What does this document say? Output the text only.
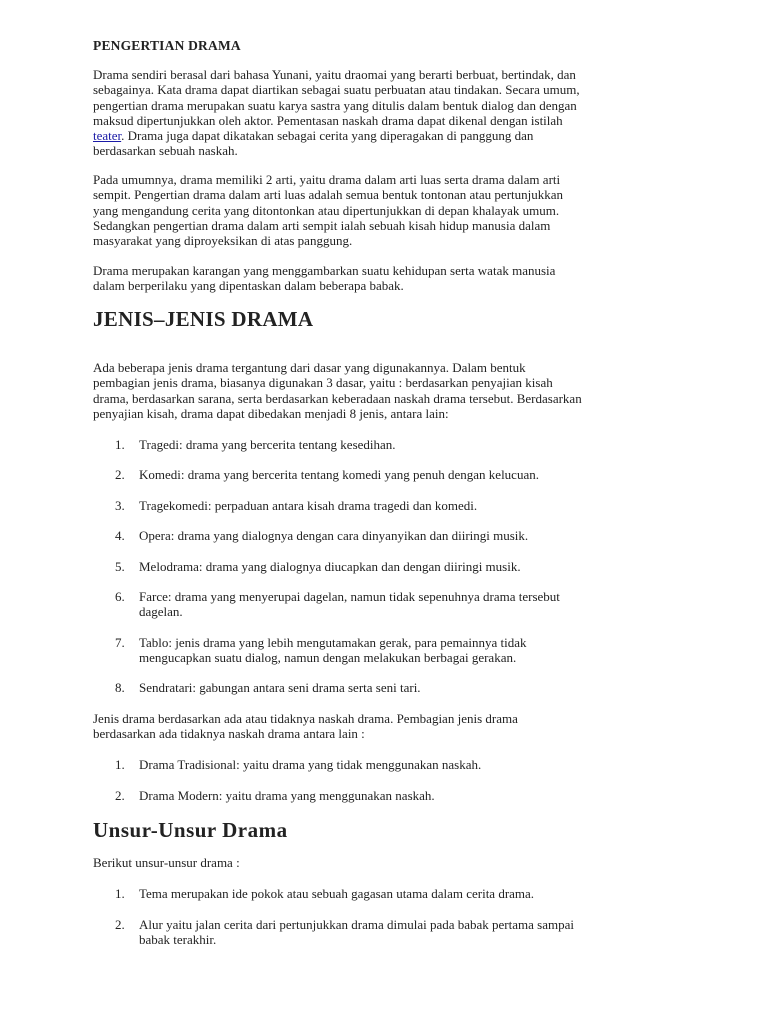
PENGERTIAN DRAMA

Drama sendiri berasal dari bahasa Yunani, yaitu draomai yang berarti berbuat, bertindak, dan
sebagainya. Kata drama dapat diartikan sebagai suatu perbuatan atau tindakan. Secara umum,
pengertian drama merupakan suatu karya sastra yang ditulis dalam bentuk dialog dan dengan
maksud dipertunjukkan oleh aktor. Pementasan naskah drama dapat dikenal dengan istilah
teater. Drama juga dapat dikatakan sebagai cerita yang diperagakan di panggung dan
berdasarkan sebuah naskah.

Pada umumnya, drama memiliki 2 arti, yaitu drama dalam arti luas serta drama dalam arti
sempit. Pengertian drama dalam arti luas adalah semua bentuk tontonan atau pertunjukkan
yang mengandung cerita yang ditontonkan atau dipertunjukkan di depan khalayak umum.
Sedangkan pengertian drama dalam arti sempit ialah sebuah kisah hidup manusia dalam
masyarakat yang diproyeksikan di atas panggung.

Drama merupakan karangan yang menggambarkan suatu kehidupan serta watak manusia
dalam berperilaku yang dipentaskan dalam beberapa babak.

JENIS–JENIS DRAMA

Ada beberapa jenis drama tergantung dari dasar yang digunakannya. Dalam bentuk
pembagian jenis drama, biasanya digunakan 3 dasar, yaitu : berdasarkan penyajian kisah
drama, berdasarkan sarana, serta berdasarkan keberadaan naskah drama tersebut. Berdasarkan
penyajian kisah, drama dapat dibedakan menjadi 8 jenis, antara lain:

1.	Tragedi: drama yang bercerita tentang kesedihan.
2.	Komedi: drama yang bercerita tentang komedi yang penuh dengan kelucuan.
3.	Tragekomedi: perpaduan antara kisah drama tragedi dan komedi.
4.	Opera: drama yang dialognya dengan cara dinyanyikan dan diiringi musik.
5.	Melodrama: drama yang dialognya diucapkan dan dengan diiringi musik.
6.	Farce: drama yang menyerupai dagelan, namun tidak sepenuhnya drama tersebut
dagelan.
7.	Tablo: jenis drama yang lebih mengutamakan gerak, para pemainnya tidak
mengucapkan suatu dialog, namun dengan melakukan berbagai gerakan.
8.	Sendratari: gabungan antara seni drama serta seni tari.

Jenis drama berdasarkan ada atau tidaknya naskah drama. Pembagian jenis drama
berdasarkan ada tidaknya naskah drama antara lain :

1.	Drama Tradisional: yaitu drama yang tidak menggunakan naskah.
2.	Drama Modern: yaitu drama yang menggunakan naskah.
Unsur-Unsur Drama

Berikut unsur-unsur drama :

1.	Tema merupakan ide pokok atau sebuah gagasan utama dalam cerita drama.
2.	Alur yaitu jalan cerita dari pertunjukkan drama dimulai pada babak pertama sampai
babak terakhir.
